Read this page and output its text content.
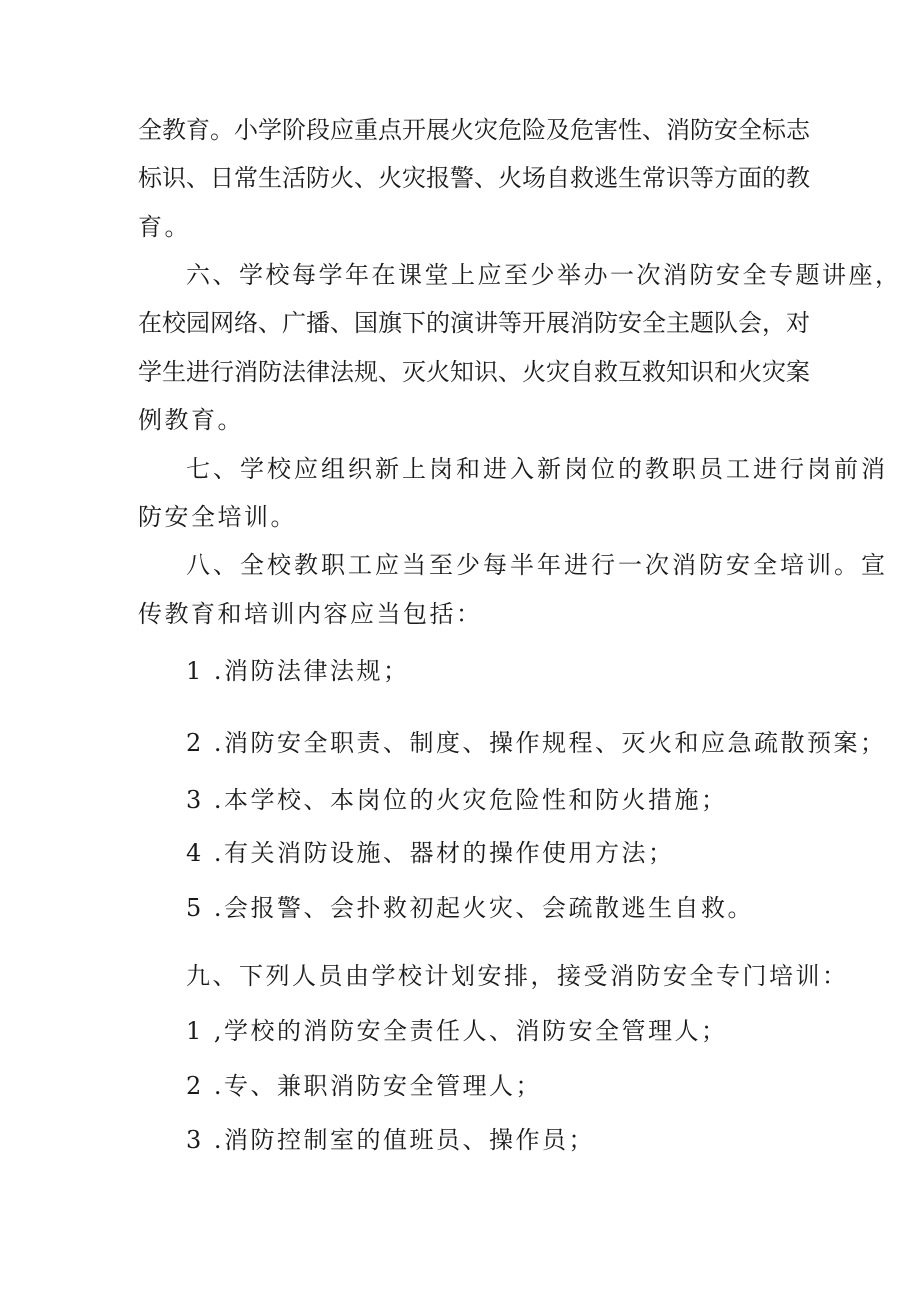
全教育。小学阶段应重点开展火灾危险及危害性、消防安全标志
标识、日常生活防火、火灾报警、火场自救逃生常识等方面的教
育。
六、学校每学年在课堂上应至少举办一次消防安全专题讲座，
在校园网络、广播、国旗下的演讲等开展消防安全主题队会，对
学生进行消防法律法规、灭火知识、火灾自救互救知识和火灾案
例教育。
七、学校应组织新上岗和进入新岗位的教职员工进行岗前消
防安全培训。
八、全校教职工应当至少每半年进行一次消防安全培训。宣
传教育和培训内容应当包括：
1 .消防法律法规；
2 .消防安全职责、制度、操作规程、灭火和应急疏散预案；
3 .本学校、本岗位的火灾危险性和防火措施；
4 .有关消防设施、器材的操作使用方法；
5 .会报警、会扑救初起火灾、会疏散逃生自救。
九、下列人员由学校计划安排，接受消防安全专门培训：
1 ,学校的消防安全责任人、消防安全管理人；
2 .专、兼职消防安全管理人；
3 .消防控制室的值班员、操作员；
